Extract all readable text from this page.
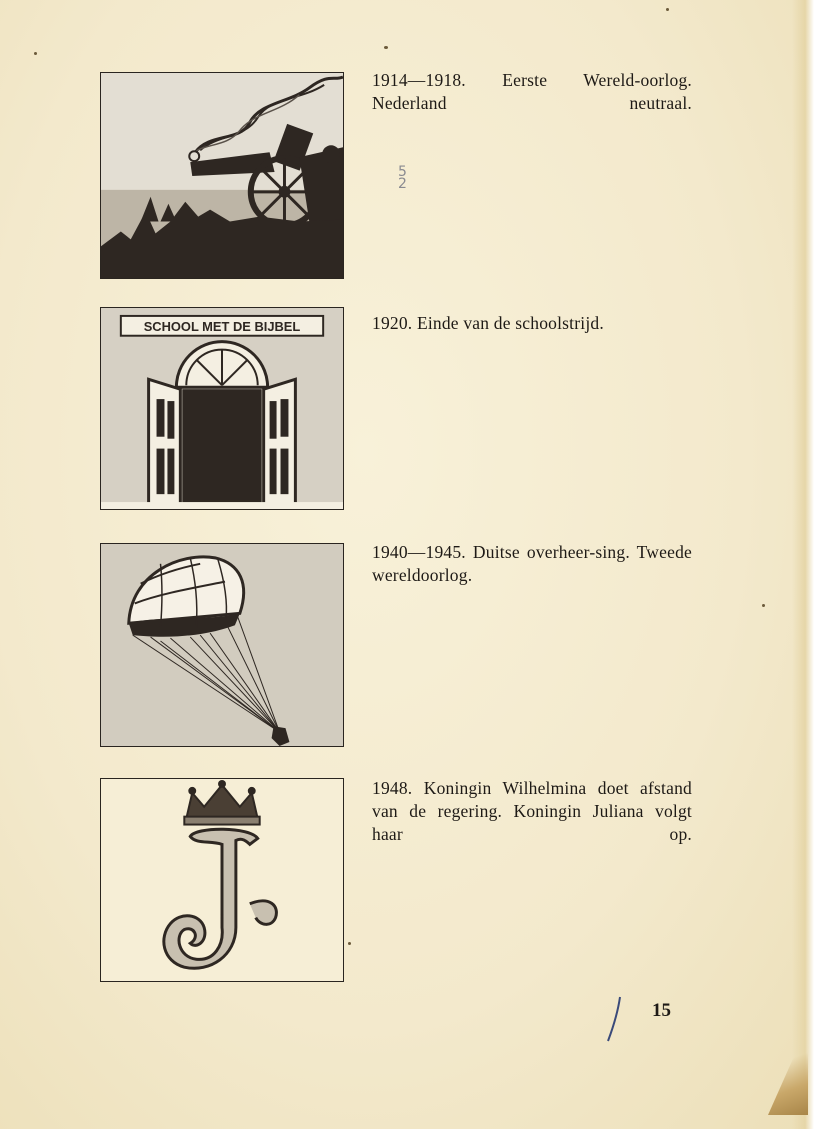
SCHOOL MET DE BIJBEL
1914—1918. Eerste Wereld-oorlog. Nederland neutraal.
1920. Einde van de schoolstrijd.
1940—1945. Duitse overheer-sing. Tweede wereldoorlog.
1948. Koningin Wilhelmina doet afstand van de regering. Koningin Juliana volgt haar op.
5
2
15
